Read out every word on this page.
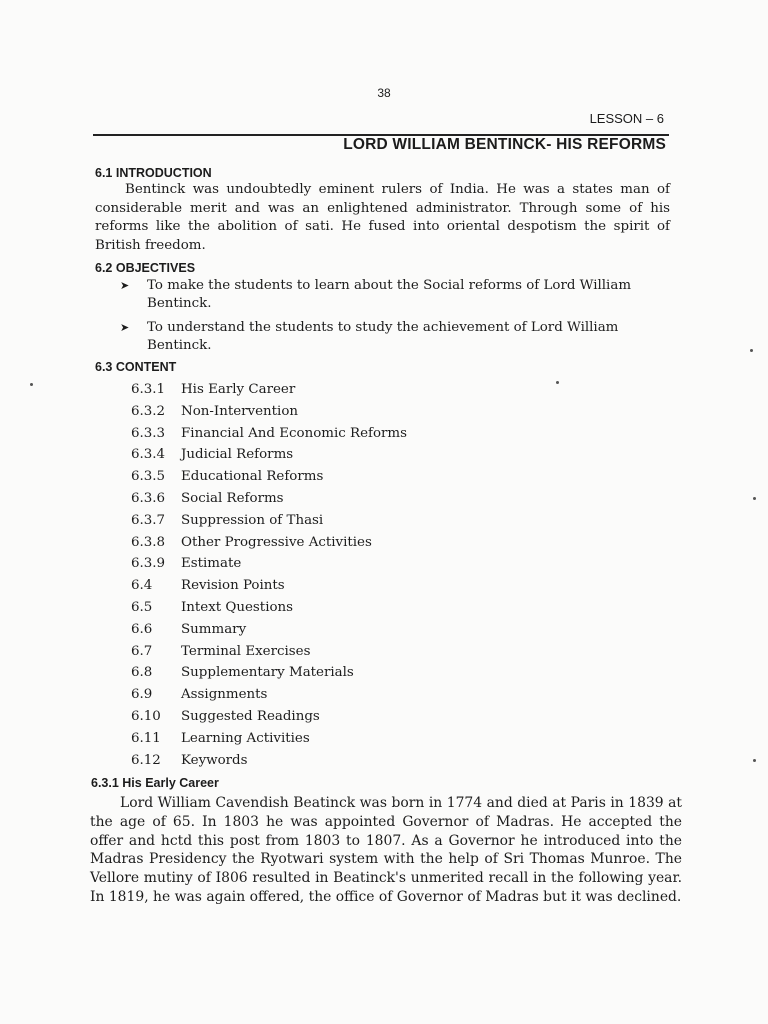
38
LESSON – 6
LORD WILLIAM BENTINCK- HIS REFORMS
6.1 INTRODUCTION

Bentinck was undoubtedly eminent rulers of India. He was a states man of considerable merit and was an enlightened administrator. Through some of his reforms like the abolition of sati. He fused into oriental despotism the spirit of British freedom.

6.2 OBJECTIVES
➤ To make the students to learn about the Social reforms of Lord William Bentinck.
➤ To understand the students to study the achievement of Lord William Bentinck.
6.3 CONTENT
6.3.1	His Early Career
6.3.2	Non-Intervention
6.3.3	Financial And Economic Reforms
6.3.4	Judicial Reforms
6.3.5	Educational Reforms
6.3.6	Social Reforms
6.3.7	Suppression of Thasi
6.3.8	Other Progressive Activities
6.3.9	Estimate
6.4	Revision Points
6.5	Intext Questions
6.6	Summary
6.7	Terminal Exercises
6.8	Supplementary Materials
6.9	Assignments
6.10	Suggested Readings
6.11	Learning Activities
6.12	Keywords
6.3.1 His Early Career

Lord William Cavendish Beatinck was born in 1774 and died at Paris in 1839 at the age of 65. In 1803 he was appointed Governor of Madras. He accepted the offer and hctd this post from 1803 to 1807. As a Governor he introduced into the Madras Presidency the Ryotwari system with the help of Sri Thomas Munroe. The Vellore mutiny of I806 resulted in Beatinck's unmerited recall in the following year. In 1819, he was again offered, the office of Governor of Madras but it was declined.
